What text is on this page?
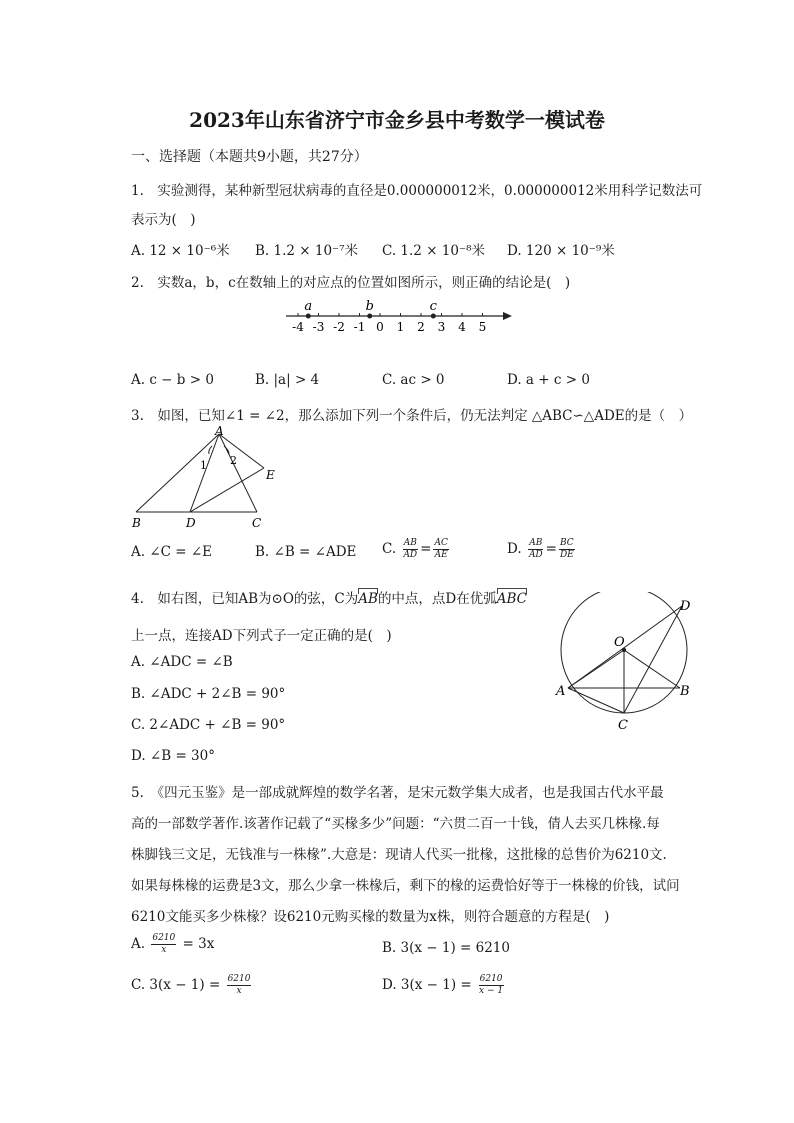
2023年山东省济宁市金乡县中考数学一模试卷
一、选择题（本题共9小题，共27分）
1.　实验测得，某种新型冠状病毒的直径是0.000000012米，0.000000012米用科学记数法可
表示为(　)
A. 12 × 10⁻⁶米 B. 1.2 × 10⁻⁷米 C. 1.2 × 10⁻⁸米 D. 120 × 10⁻⁹米
2.　实数a，b，c在数轴上的对应点的位置如图所示，则正确的结论是(　)
-4 -3 -2 -1 0 1 2 3 4 5
a	b	c
A. c − b > 0	B. |a| > 4	C. ac > 0	D. a + c > 0
3.　如图，已知∠1 = ∠2，那么添加下列一个条件后，仍无法判定 △ABC∽△ADE的是（　）
A
B	D	C
E
1 2
A. ∠C = ∠E	B. ∠B = ∠ADE C. $\frac{AB}{AD} = \frac{AC}{AE}$	D. $\frac{AB}{AD} = \frac{BC}{DE}$
4.　如右图，已知AB为⊙O的弦，C为AB的中点，点D在优弧ABC
上一点，连接AD下列式子一定正确的是(　)
A. ∠ADC = ∠B
B. ∠ADC + 2∠B = 90°
C. 2∠ADC + ∠B = 90°
D. ∠B = 30°
O
A	B
C
D
5.　《四元玉鉴》是一部成就辉煌的数学名著，是宋元数学集大成者，也是我国古代水平最
高的一部数学著作.该著作记载了“买椽多少”问题：“六贯二百一十钱，倩人去买几株椽.每
株脚钱三文足，无钱准与一株椽”.大意是：现请人代买一批椽，这批椽的总售价为6210文.
如果每株椽的运费是3文，那么少拿一株椽后，剩下的椽的运费恰好等于一株椽的价钱，试问
6210文能买多少株椽？设6210元购买椽的数量为x株，则符合题意的方程是(　)
A. $\frac{6210}{x} = 3x$	B. 3(x − 1) = 6210
C. $3(x - 1) = \frac{6210}{x}$	D. $3(x - 1) = \frac{6210}{x - 1}$
